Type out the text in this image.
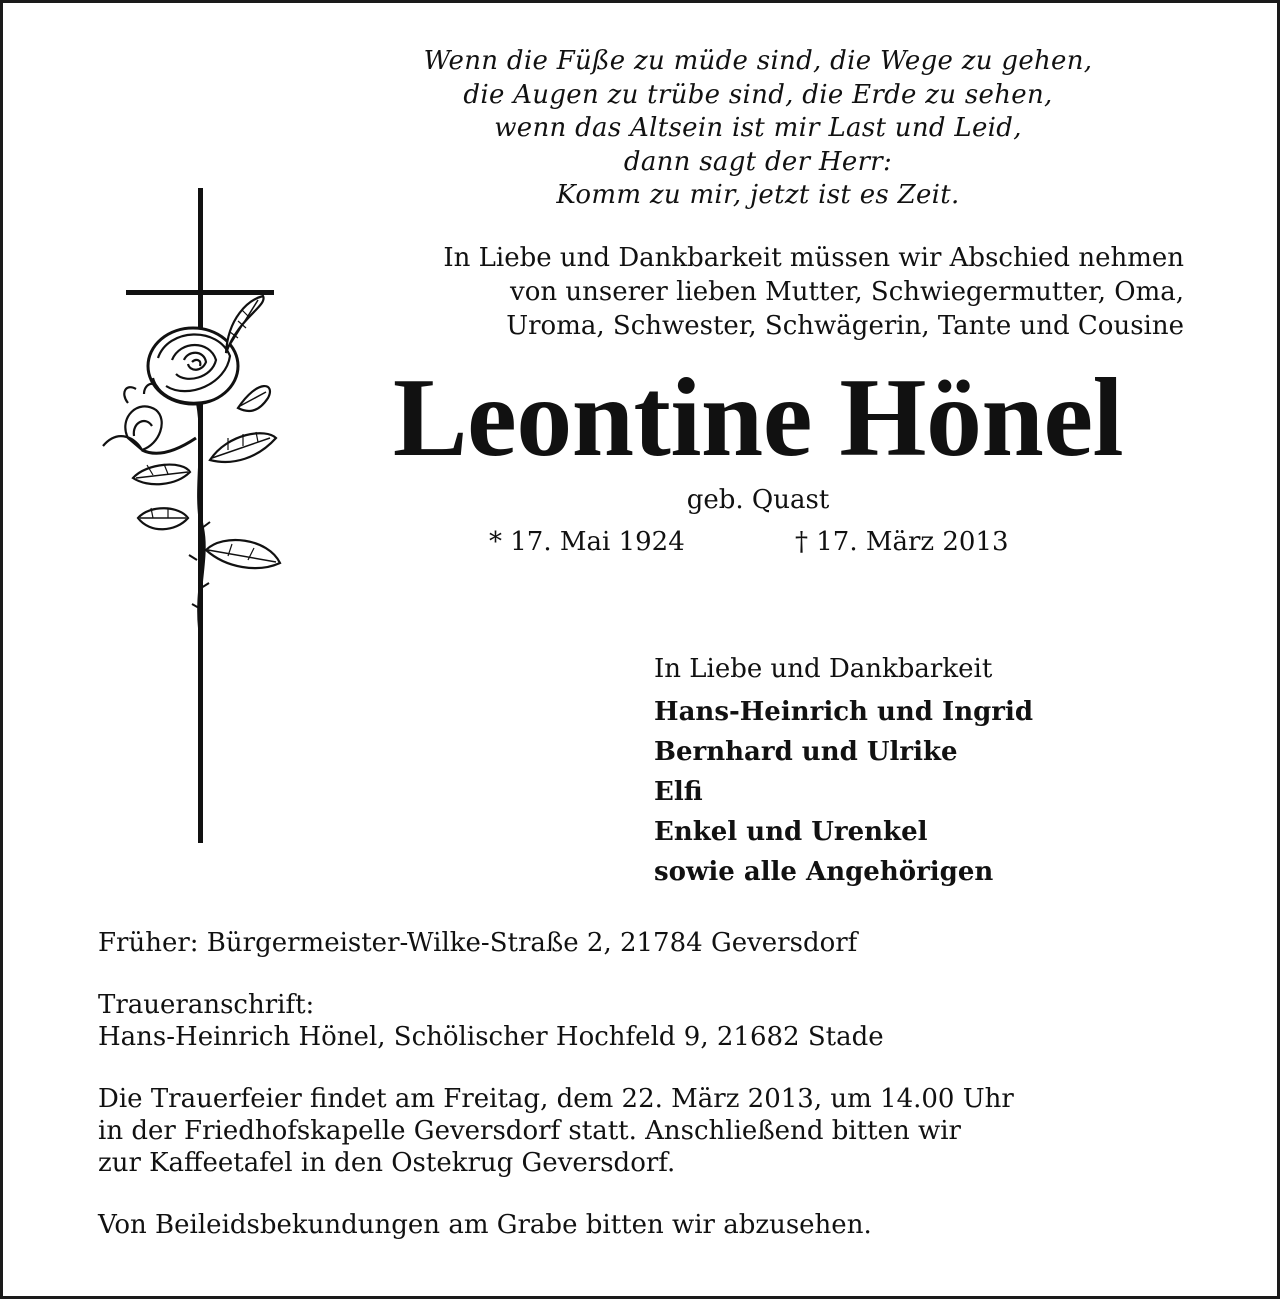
Wenn die Füße zu müde sind, die Wege zu gehen,
die Augen zu trübe sind, die Erde zu sehen,
wenn das Altsein ist mir Last und Leid,
dann sagt der Herr:
Komm zu mir, jetzt ist es Zeit.
In Liebe und Dankbarkeit müssen wir Abschied nehmen
von unserer lieben Mutter, Schwiegermutter, Oma,
Uroma, Schwester, Schwägerin, Tante und Cousine
Leontine Hönel
geb. Quast
* 17. Mai 1924	† 17. März 2013
In Liebe und Dankbarkeit
Hans-Heinrich und Ingrid
Bernhard und Ulrike
Elfi
Enkel und Urenkel
sowie alle Angehörigen

Früher: Bürgermeister-Wilke-Straße 2, 21784 Geversdorf

Traueranschrift:

Hans-Heinrich Hönel, Schölischer Hochfeld 9, 21682 Stade

Die Trauerfeier findet am Freitag, dem 22. März 2013, um 14.00 Uhr

in der Friedhofskapelle Geversdorf statt. Anschließend bitten wir

zur Kaffeetafel in den Ostekrug Geversdorf.

Von Beileidsbekundungen am Grabe bitten wir abzusehen.
